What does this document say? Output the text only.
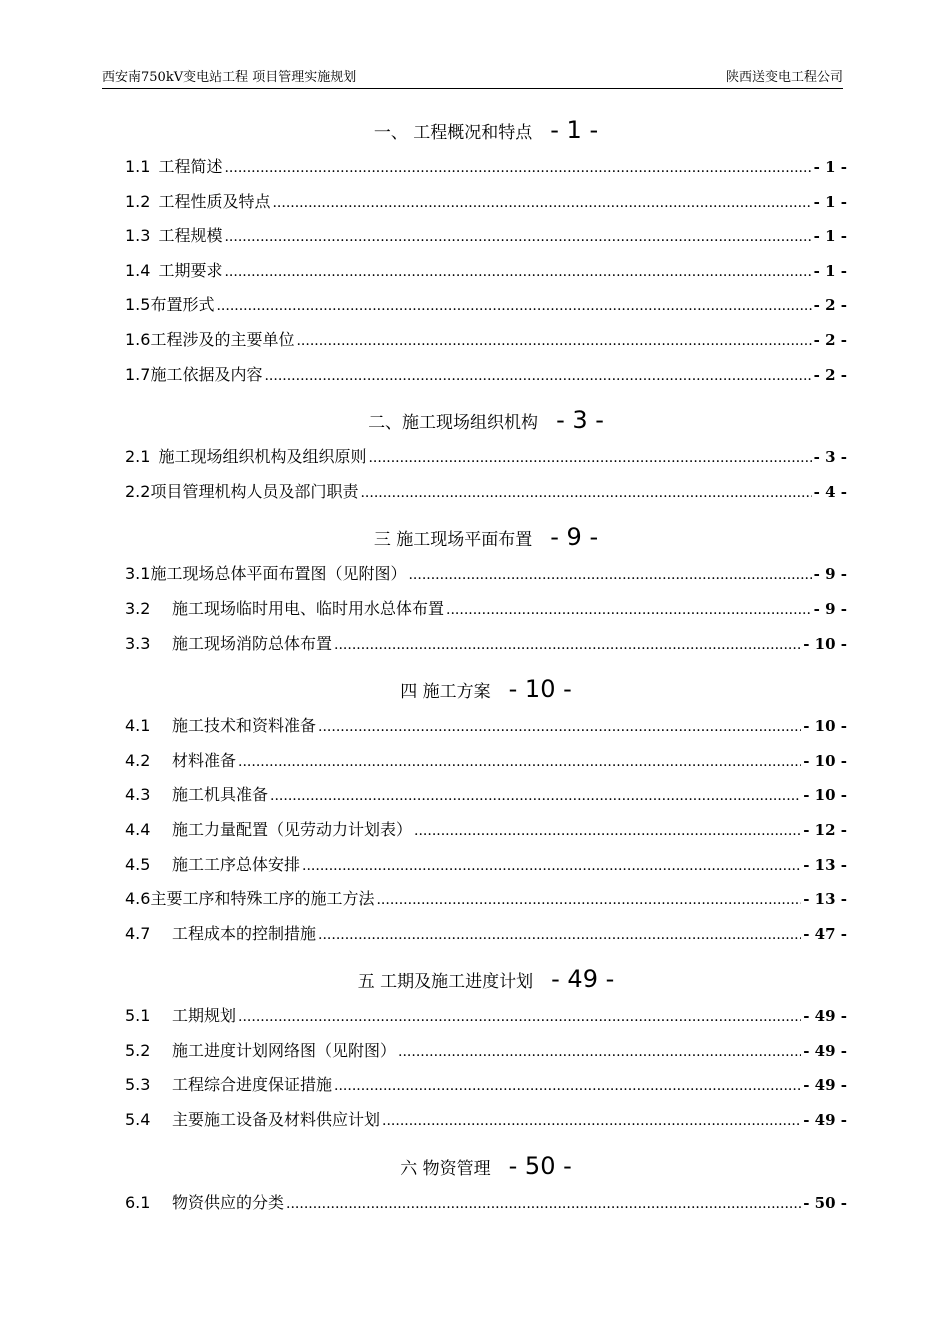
西安南750kV变电站工程 项目管理实施规划	陕西送变电工程公司
一、 工程概况和特点 - 1 -
1.1 工程简述 .....	- 1 -
1.2 工程性质及特点 .....	- 1 -
1.3 工程规模 .....	- 1 -
1.4 工期要求 .....	- 1 -
1.5 布置形式 .....	- 2 -
1.6 工程涉及的主要单位 .....	- 2 -
1.7 施工依据及内容 .....	- 2 -
二、施工现场组织机构 - 3 -
2.1 施工现场组织机构及组织原则 .....	- 3 -
2.2 项目管理机构人员及部门职责 .....	- 4 -
三 施工现场平面布置 - 9 -
3.1 施工现场总体平面布置图（见附图） .....	- 9 -
3.2	施工现场临时用电、临时用水总体布置 .....	- 9 -
3.3	施工现场消防总体布置 .....	- 10 -
四 施工方案 - 10 -
4.1	施工技术和资料准备 .....	- 10 -
4.2	材料准备 .....	- 10 -
4.3	施工机具准备 .....	- 10 -
4.4	施工力量配置（见劳动力计划表） .....	- 12 -
4.5	施工工序总体安排 .....	- 13 -
4.6 主要工序和特殊工序的施工方法 .....	- 13 -
4.7	工程成本的控制措施 .....	- 47 -
五 工期及施工进度计划 - 49 -
5.1	工期规划 .....	- 49 -
5.2	施工进度计划网络图（见附图） .....	- 49 -
5.3	工程综合进度保证措施 .....	- 49 -
5.4	主要施工设备及材料供应计划 .....	- 49 -
六 物资管理 - 50 -
6.1	物资供应的分类 .....	- 50 -
